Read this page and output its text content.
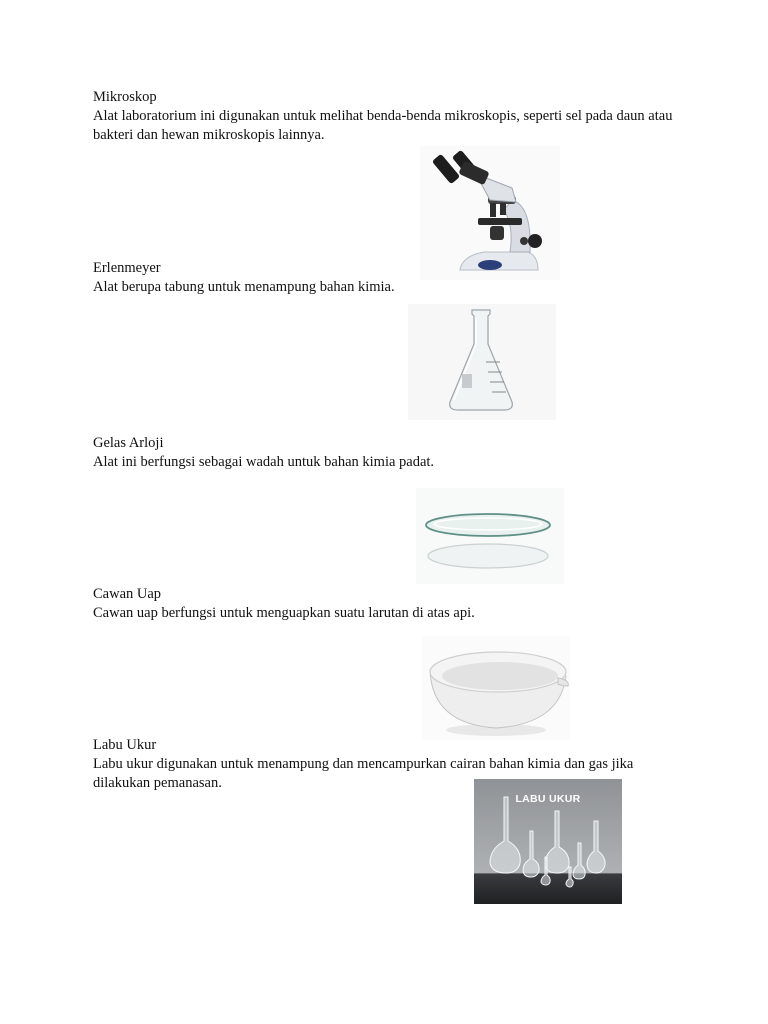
Mikroskop

Alat laboratorium ini digunakan untuk melihat benda-benda mikroskopis, seperti sel pada daun atau bakteri dan hewan mikroskopis lainnya.

Erlenmeyer

Alat berupa tabung untuk menampung bahan kimia.

Gelas Arloji

Alat ini berfungsi sebagai wadah untuk bahan kimia padat.

Cawan Uap

Cawan uap berfungsi untuk menguapkan suatu larutan di atas api.

Labu Ukur

Labu ukur digunakan untuk menampung dan mencampurkan cairan bahan kimia dan gas jika dilakukan pemanasan.

LABU UKUR
